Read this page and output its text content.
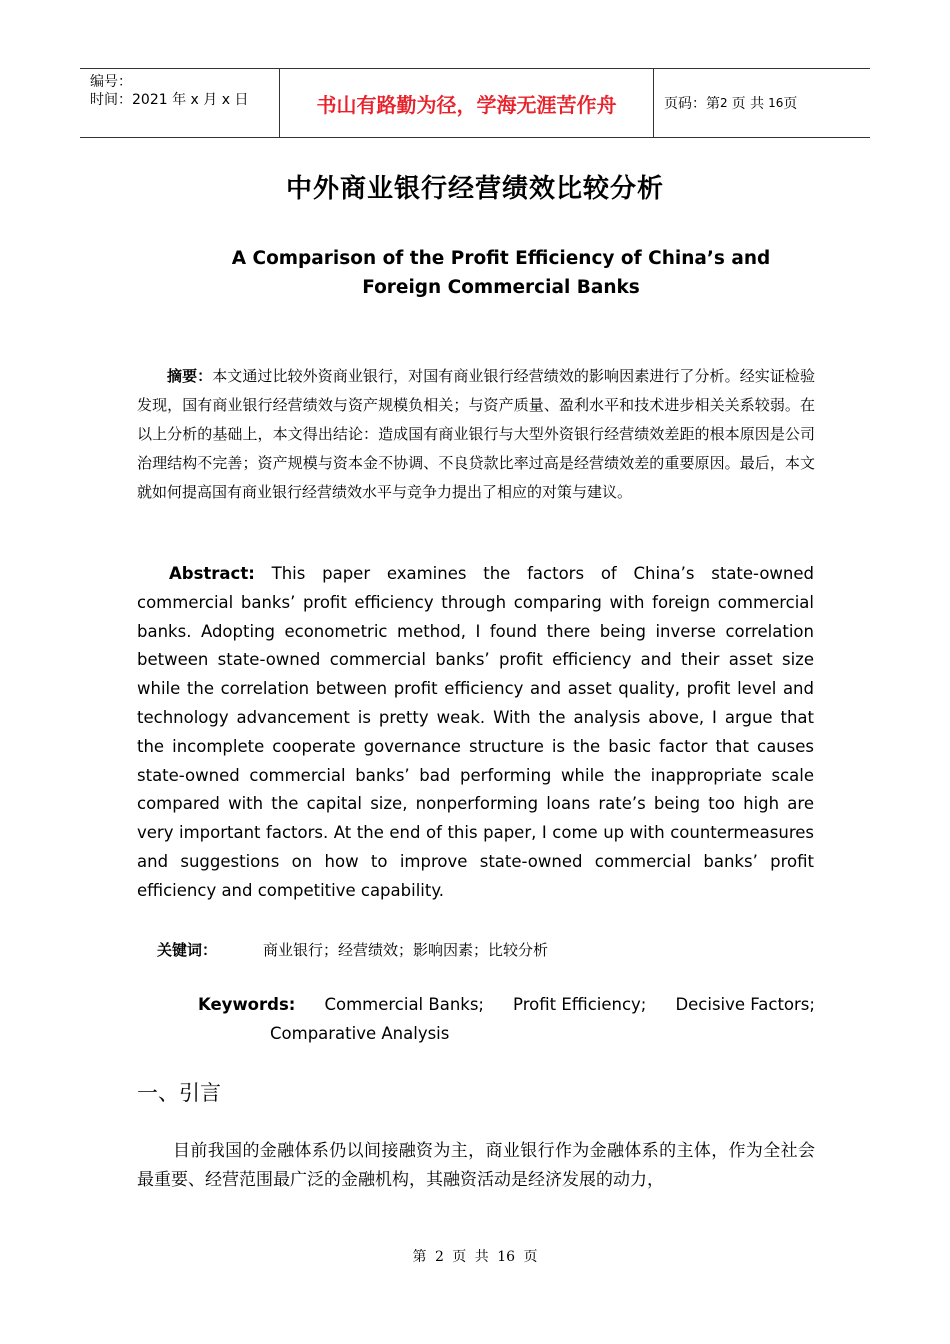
编号：
时间：2021 年 x 月 x 日	书山有路勤为径，学海无涯苦作舟	页码：第 2 页 共 16 页
中外商业银行经营绩效比较分析
A Comparison of the Profit Efficiency of China’s and
Foreign Commercial Banks
摘要：本文通过比较外资商业银行，对国有商业银行经营绩效的影响因素进行了分析。经实证检验发现，国有商业银行经营绩效与资产规模负相关；与资产质量、盈利水平和技术进步相关关系较弱。在以上分析的基础上，本文得出结论：造成国有商业银行与大型外资银行经营绩效差距的根本原因是公司治理结构不完善；资产规模与资本金不协调、不良贷款比率过高是经营绩效差的重要原因。最后，本文就如何提高国有商业银行经营绩效水平与竞争力提出了相应的对策与建议。
Abstract: This paper examines the factors of China’s state-owned commercial banks’ profit efficiency through comparing with foreign commercial banks. Adopting econometric method, I found there being inverse correlation between state-owned commercial banks’ profit efficiency and their asset size while the correlation between profit efficiency and asset quality, profit level and technology advancement is pretty weak. With the analysis above, I argue that the incomplete cooperate governance structure is the basic factor that causes state-owned commercial banks’ bad performing while the inappropriate scale compared with the capital size, nonperforming loans rate’s being too high are very important factors. At the end of this paper, I come up with countermeasures and suggestions on how to improve state-owned commercial banks’ profit efficiency and competitive capability.
关键词：	商业银行；经营绩效；影响因素；比较分析
Keywords: Commercial Banks; Profit Efficiency; Decisive Factors;
Comparative Analysis
一、引言
目前我国的金融体系仍以间接融资为主，商业银行作为金融体系的主体，作为全社会最重要、经营范围最广泛的金融机构，其融资活动是经济发展的动力，
第 2 页 共 16 页
